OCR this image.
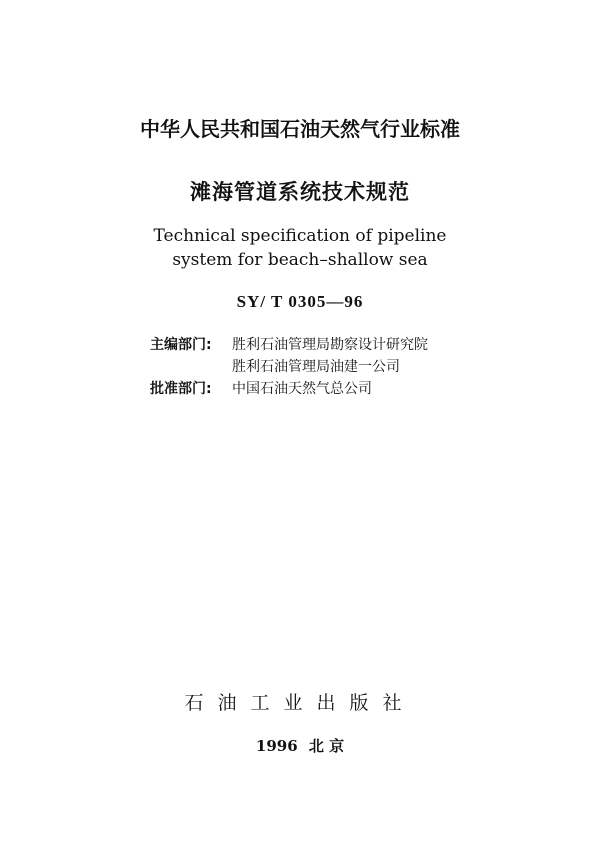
中华人民共和国石油天然气行业标准
滩海管道系统技术规范
Technical specification of pipeline
system for beach–shallow sea
SY/ T 0305—96
主编部门:	胜利石油管理局勘察设计研究院
胜利石油管理局油建一公司
批准部门:	中国石油天然气总公司
石油工业出版社
1996 北 京
